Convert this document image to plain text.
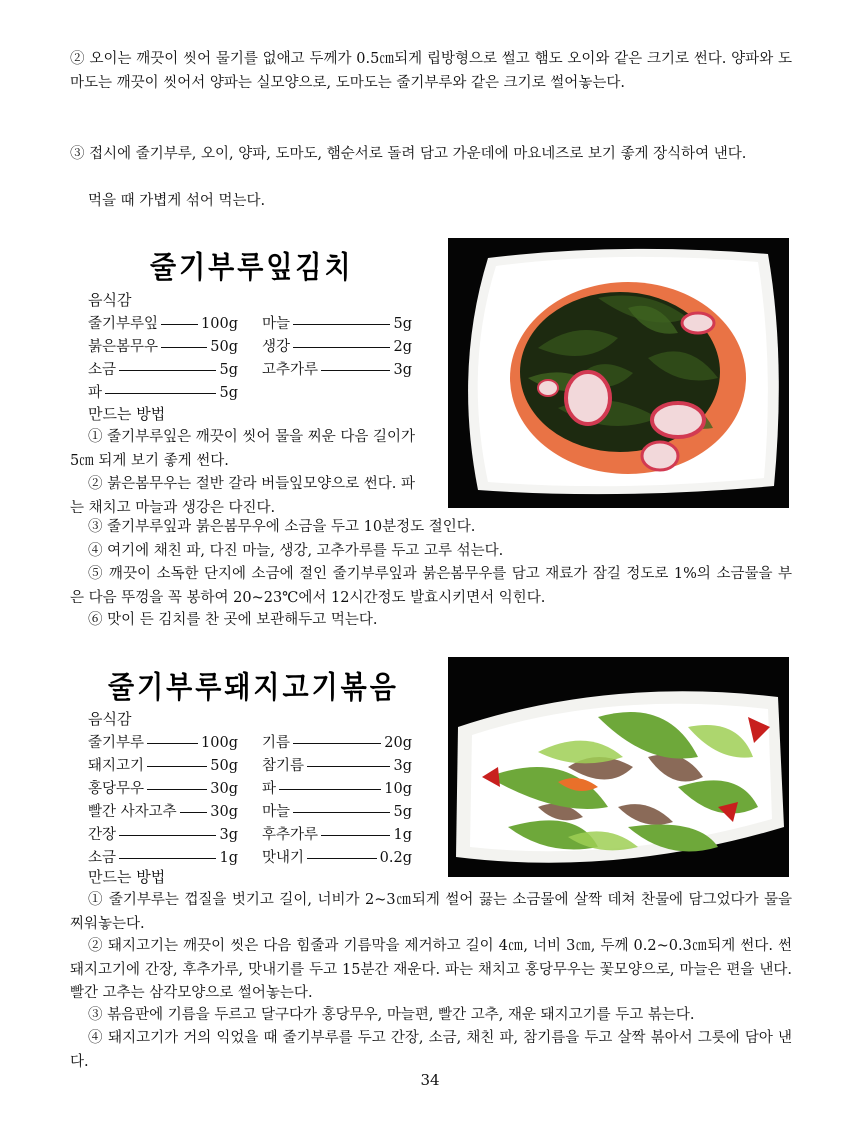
② 오이는 깨끗이 씻어 물기를 없애고 두께가 0.5㎝되게 립방형으로 썰고 햄도 오이와 같은 크기로 썬다. 양파와 도마도는 깨끗이 씻어서 양파는 실모양으로, 도마도는 줄기부루와 같은 크기로 썰어놓는다.

③ 접시에 줄기부루, 오이, 양파, 도마도, 햄순서로 돌려 담고 가운데에 마요네즈로 보기 좋게 장식하여 낸다.

먹을 때 가볍게 섞어 먹는다.

줄기부루잎김치

음식감

줄기부루잎	100g 마늘	5g
붉은봄무우	50g 생강	2g
소금	5g 고추가루	3g
파	5g

만드는 방법

① 줄기부루잎은 깨끗이 씻어 물을 찌운 다음 길이가 5㎝ 되게 보기 좋게 썬다.

② 붉은봄무우는 절반 갈라 버들잎모양으로 썬다. 파는 채치고 마늘과 생강은 다진다.

③ 줄기부루잎과 붉은봄무우에 소금을 두고 10분정도 절인다.

④ 여기에 채친 파, 다진 마늘, 생강, 고추가루를 두고 고루 섞는다.

⑤ 깨끗이 소독한 단지에 소금에 절인 줄기부루잎과 붉은봄무우를 담고 재료가 잠길 정도로 1%의 소금물을 부은 다음 뚜껑을 꼭 봉하여 20~23℃에서 12시간정도 발효시키면서 익힌다.

⑥ 맛이 든 김치를 찬 곳에 보관해두고 먹는다.

줄기부루돼지고기볶음

음식감

줄기부루	100g 기름	20g
돼지고기	50g 참기름	3g
홍당무우	30g 파	10g
빨간 사자고추 30g 마늘	5g
간장	3g 후추가루	1g
소금	1g 맛내기	0.2g

만드는 방법

① 줄기부루는 껍질을 벗기고 길이, 너비가 2~3㎝되게 썰어 끓는 소금물에 살짝 데쳐 찬물에 담그었다가 물을 찌워놓는다.

② 돼지고기는 깨끗이 씻은 다음 힘줄과 기름막을 제거하고 길이 4㎝, 너비 3㎝, 두께 0.2~0.3㎝되게 썬다. 썬 돼지고기에 간장, 후추가루, 맛내기를 두고 15분간 재운다. 파는 채치고 홍당무우는 꽃모양으로, 마늘은 편을 낸다. 빨간 고추는 삼각모양으로 썰어놓는다.

③ 볶음판에 기름을 두르고 달구다가 홍당무우, 마늘편, 빨간 고추, 재운 돼지고기를 두고 볶는다.

④ 돼지고기가 거의 익었을 때 줄기부루를 두고 간장, 소금, 채친 파, 참기름을 두고 살짝 볶아서 그릇에 담아 낸다.

34
